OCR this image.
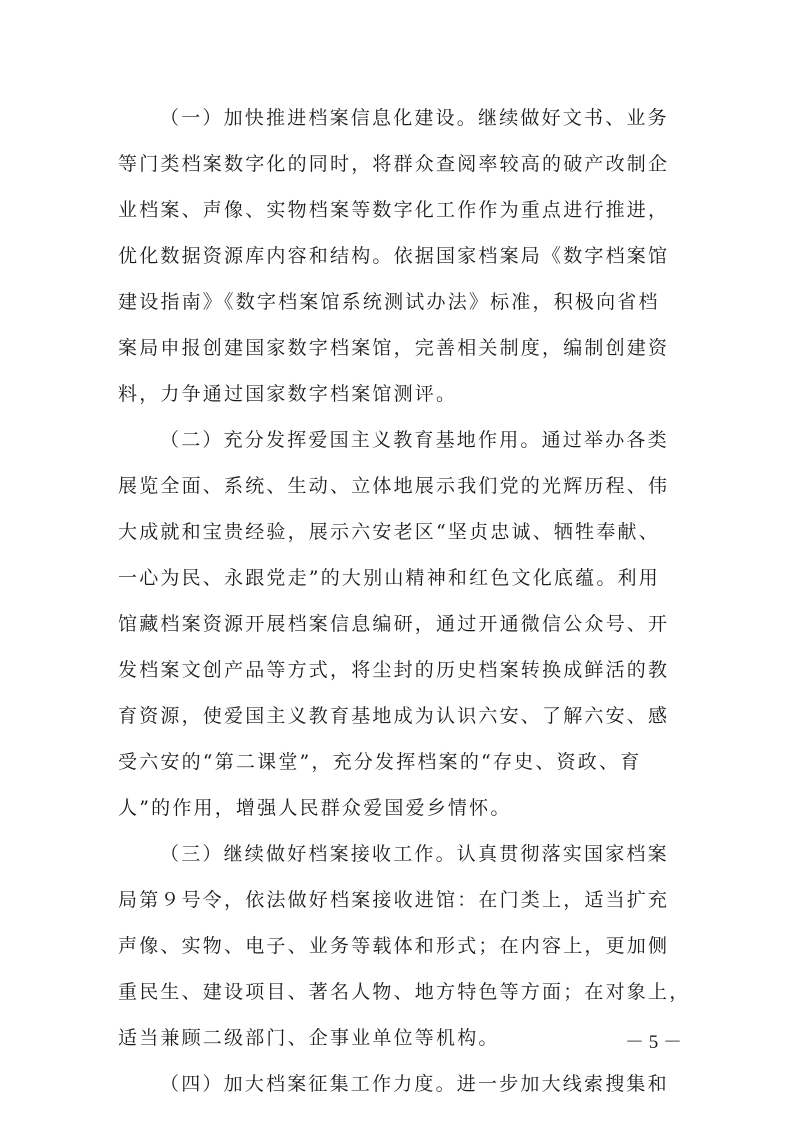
（一）加快推进档案信息化建设。继续做好文书、业务
等门类档案数字化的同时，将群众查阅率较高的破产改制企
业档案、声像、实物档案等数字化工作作为重点进行推进，
优化数据资源库内容和结构。依据国家档案局《数字档案馆
建设指南》《数字档案馆系统测试办法》标准，积极向省档
案局申报创建国家数字档案馆，完善相关制度，编制创建资
料，力争通过国家数字档案馆测评。
（二）充分发挥爱国主义教育基地作用。通过举办各类
展览全面、系统、生动、立体地展示我们党的光辉历程、伟
大成就和宝贵经验，展示六安老区“坚贞忠诚、牺牲奉献、
一心为民、永跟党走”的大别山精神和红色文化底蕴。利用
馆藏档案资源开展档案信息编研，通过开通微信公众号、开
发档案文创产品等方式，将尘封的历史档案转换成鲜活的教
育资源，使爱国主义教育基地成为认识六安、了解六安、感
受六安的“第二课堂”，充分发挥档案的“存史、资政、育
人”的作用，增强人民群众爱国爱乡情怀。
（三）继续做好档案接收工作。认真贯彻落实国家档案
局第９号令，依法做好档案接收进馆：在门类上，适当扩充
声像、实物、电子、业务等载体和形式；在内容上，更加侧
重民生、建设项目、著名人物、地方特色等方面；在对象上，
适当兼顾二级部门、企事业单位等机构。
（四）加大档案征集工作力度。进一步加大线索搜集和
－ 5 －
